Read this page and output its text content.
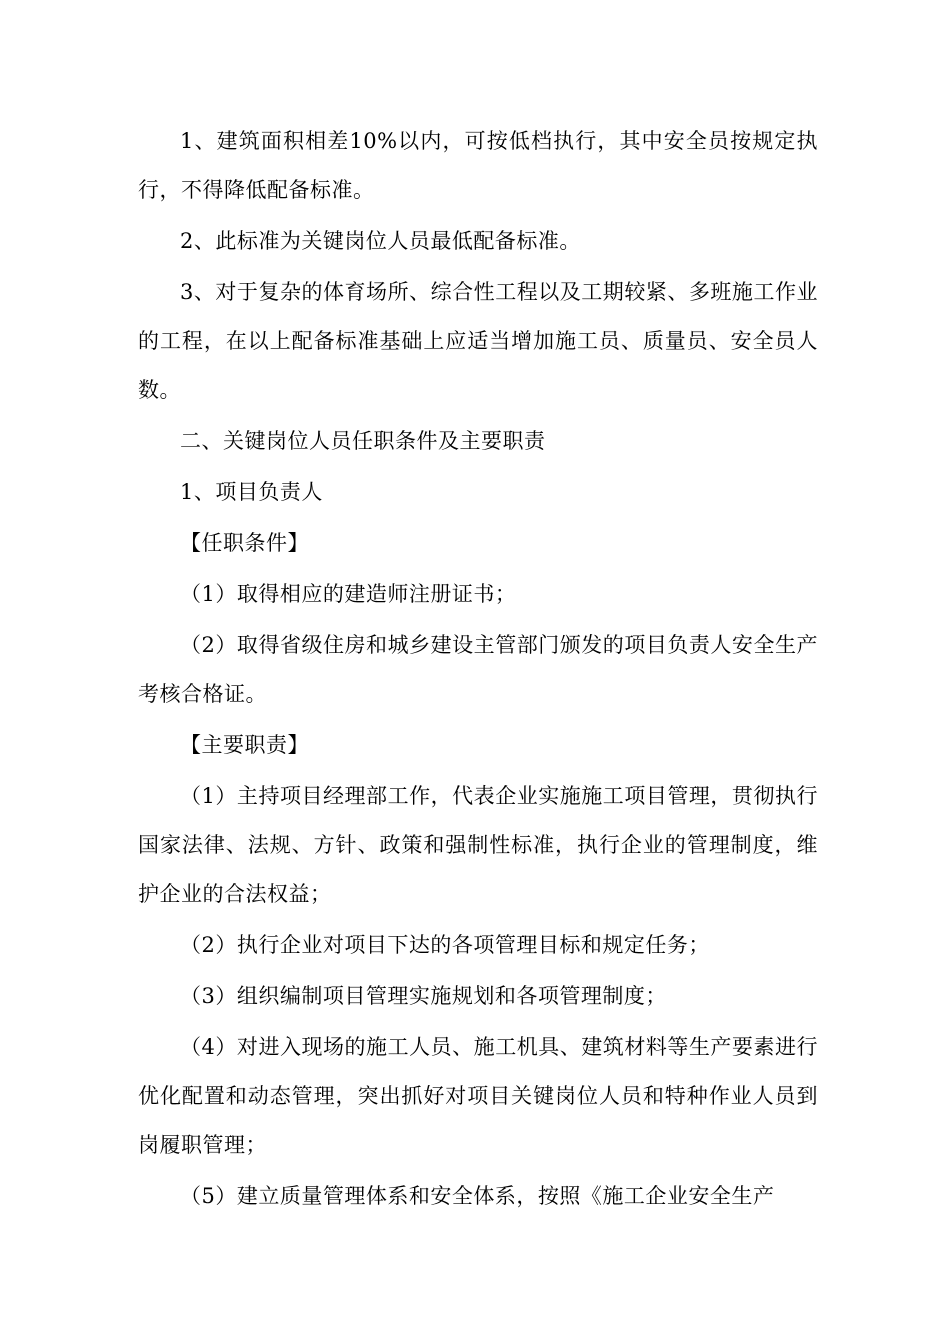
1、建筑面积相差10%以内，可按低档执行，其中安全员按规定执行，不得降低配备标准。

2、此标准为关键岗位人员最低配备标准。

3、对于复杂的体育场所、综合性工程以及工期较紧、多班施工作业的工程，在以上配备标准基础上应适当增加施工员、质量员、安全员人数。

二、关键岗位人员任职条件及主要职责

1、项目负责人

【任职条件】

（1）取得相应的建造师注册证书；

（2）取得省级住房和城乡建设主管部门颁发的项目负责人安全生产考核合格证。

【主要职责】

（1）主持项目经理部工作，代表企业实施施工项目管理，贯彻执行国家法律、法规、方针、政策和强制性标准，执行企业的管理制度，维护企业的合法权益；

（2）执行企业对项目下达的各项管理目标和规定任务；

（3）组织编制项目管理实施规划和各项管理制度；

（4）对进入现场的施工人员、施工机具、建筑材料等生产要素进行优化配置和动态管理，突出抓好对项目关键岗位人员和特种作业人员到岗履职管理；

（5）建立质量管理体系和安全体系，按照《施工企业安全生产
